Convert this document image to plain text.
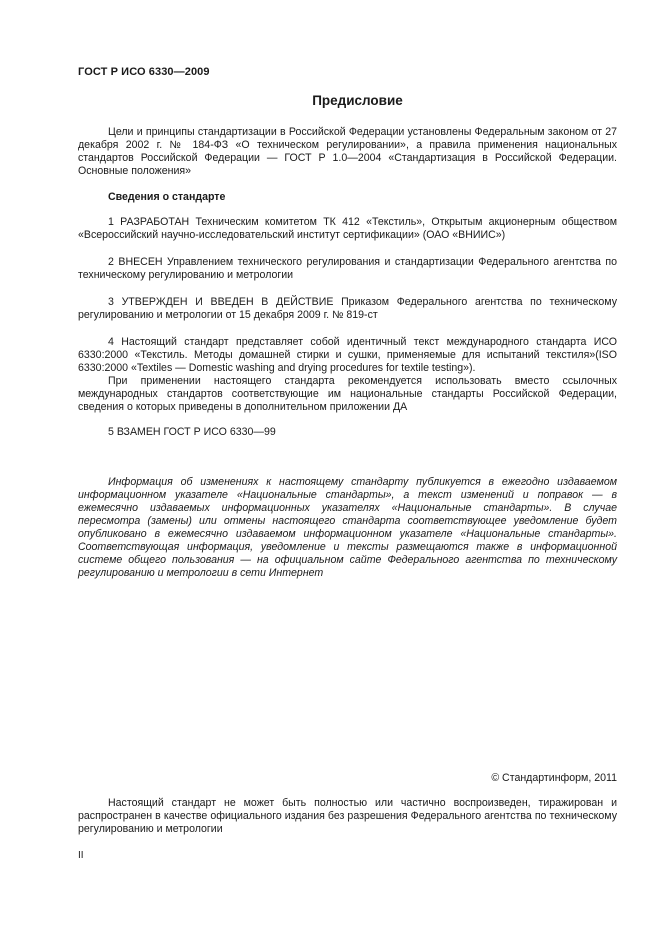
ГОСТ Р ИСО 6330—2009
Предисловие

Цели и принципы стандартизации в Российской Федерации установлены Федеральным законом от 27 декабря 2002 г. № 184-ФЗ «О техническом регулировании», а правила применения национальных стандартов Российской Федерации — ГОСТ Р 1.0—2004 «Стандартизация в Российской Федерации. Основные положения»

Сведения о стандарте

1 РАЗРАБОТАН Техническим комитетом ТК 412 «Текстиль», Открытым акционерным обществом «Всероссийский научно-исследовательский институт сертификации» (ОАО «ВНИИС»)

2 ВНЕСЕН Управлением технического регулирования и стандартизации Федерального агентства по техническому регулированию и метрологии

3 УТВЕРЖДЕН И ВВЕДЕН В ДЕЙСТВИЕ Приказом Федерального агентства по техническому регулированию и метрологии от 15 декабря 2009 г. № 819-ст

4 Настоящий стандарт представляет собой идентичный текст международного стандарта ИСО 6330:2000 «Текстиль. Методы домашней стирки и сушки, применяемые для испытаний текстиля»(ISO 6330:2000 «Textiles — Domestic washing and drying procedures for textile testing»).

При применении настоящего стандарта рекомендуется использовать вместо ссылочных международных стандартов соответствующие им национальные стандарты Российской Федерации, сведения о которых приведены в дополнительном приложении ДА

5 ВЗАМЕН ГОСТ Р ИСО 6330—99

Информация об изменениях к настоящему стандарту публикуется в ежегодно издаваемом информационном указателе «Национальные стандарты», а текст изменений и поправок — в ежемесячно издаваемых информационных указателях «Национальные стандарты». В случае пересмотра (замены) или отмены настоящего стандарта соответствующее уведомление будет опубликовано в ежемесячно издаваемом информационном указателе «Национальные стандарты». Соответствующая информация, уведомление и тексты размещаются также в информационной системе общего пользования — на официальном сайте Федерального агентства по техническому регулированию и метрологии в сети Интернет

© Стандартинформ, 2011

Настоящий стандарт не может быть полностью или частично воспроизведен, тиражирован и распространен в качестве официального издания без разрешения Федерального агентства по техническому регулированию и метрологии

II
